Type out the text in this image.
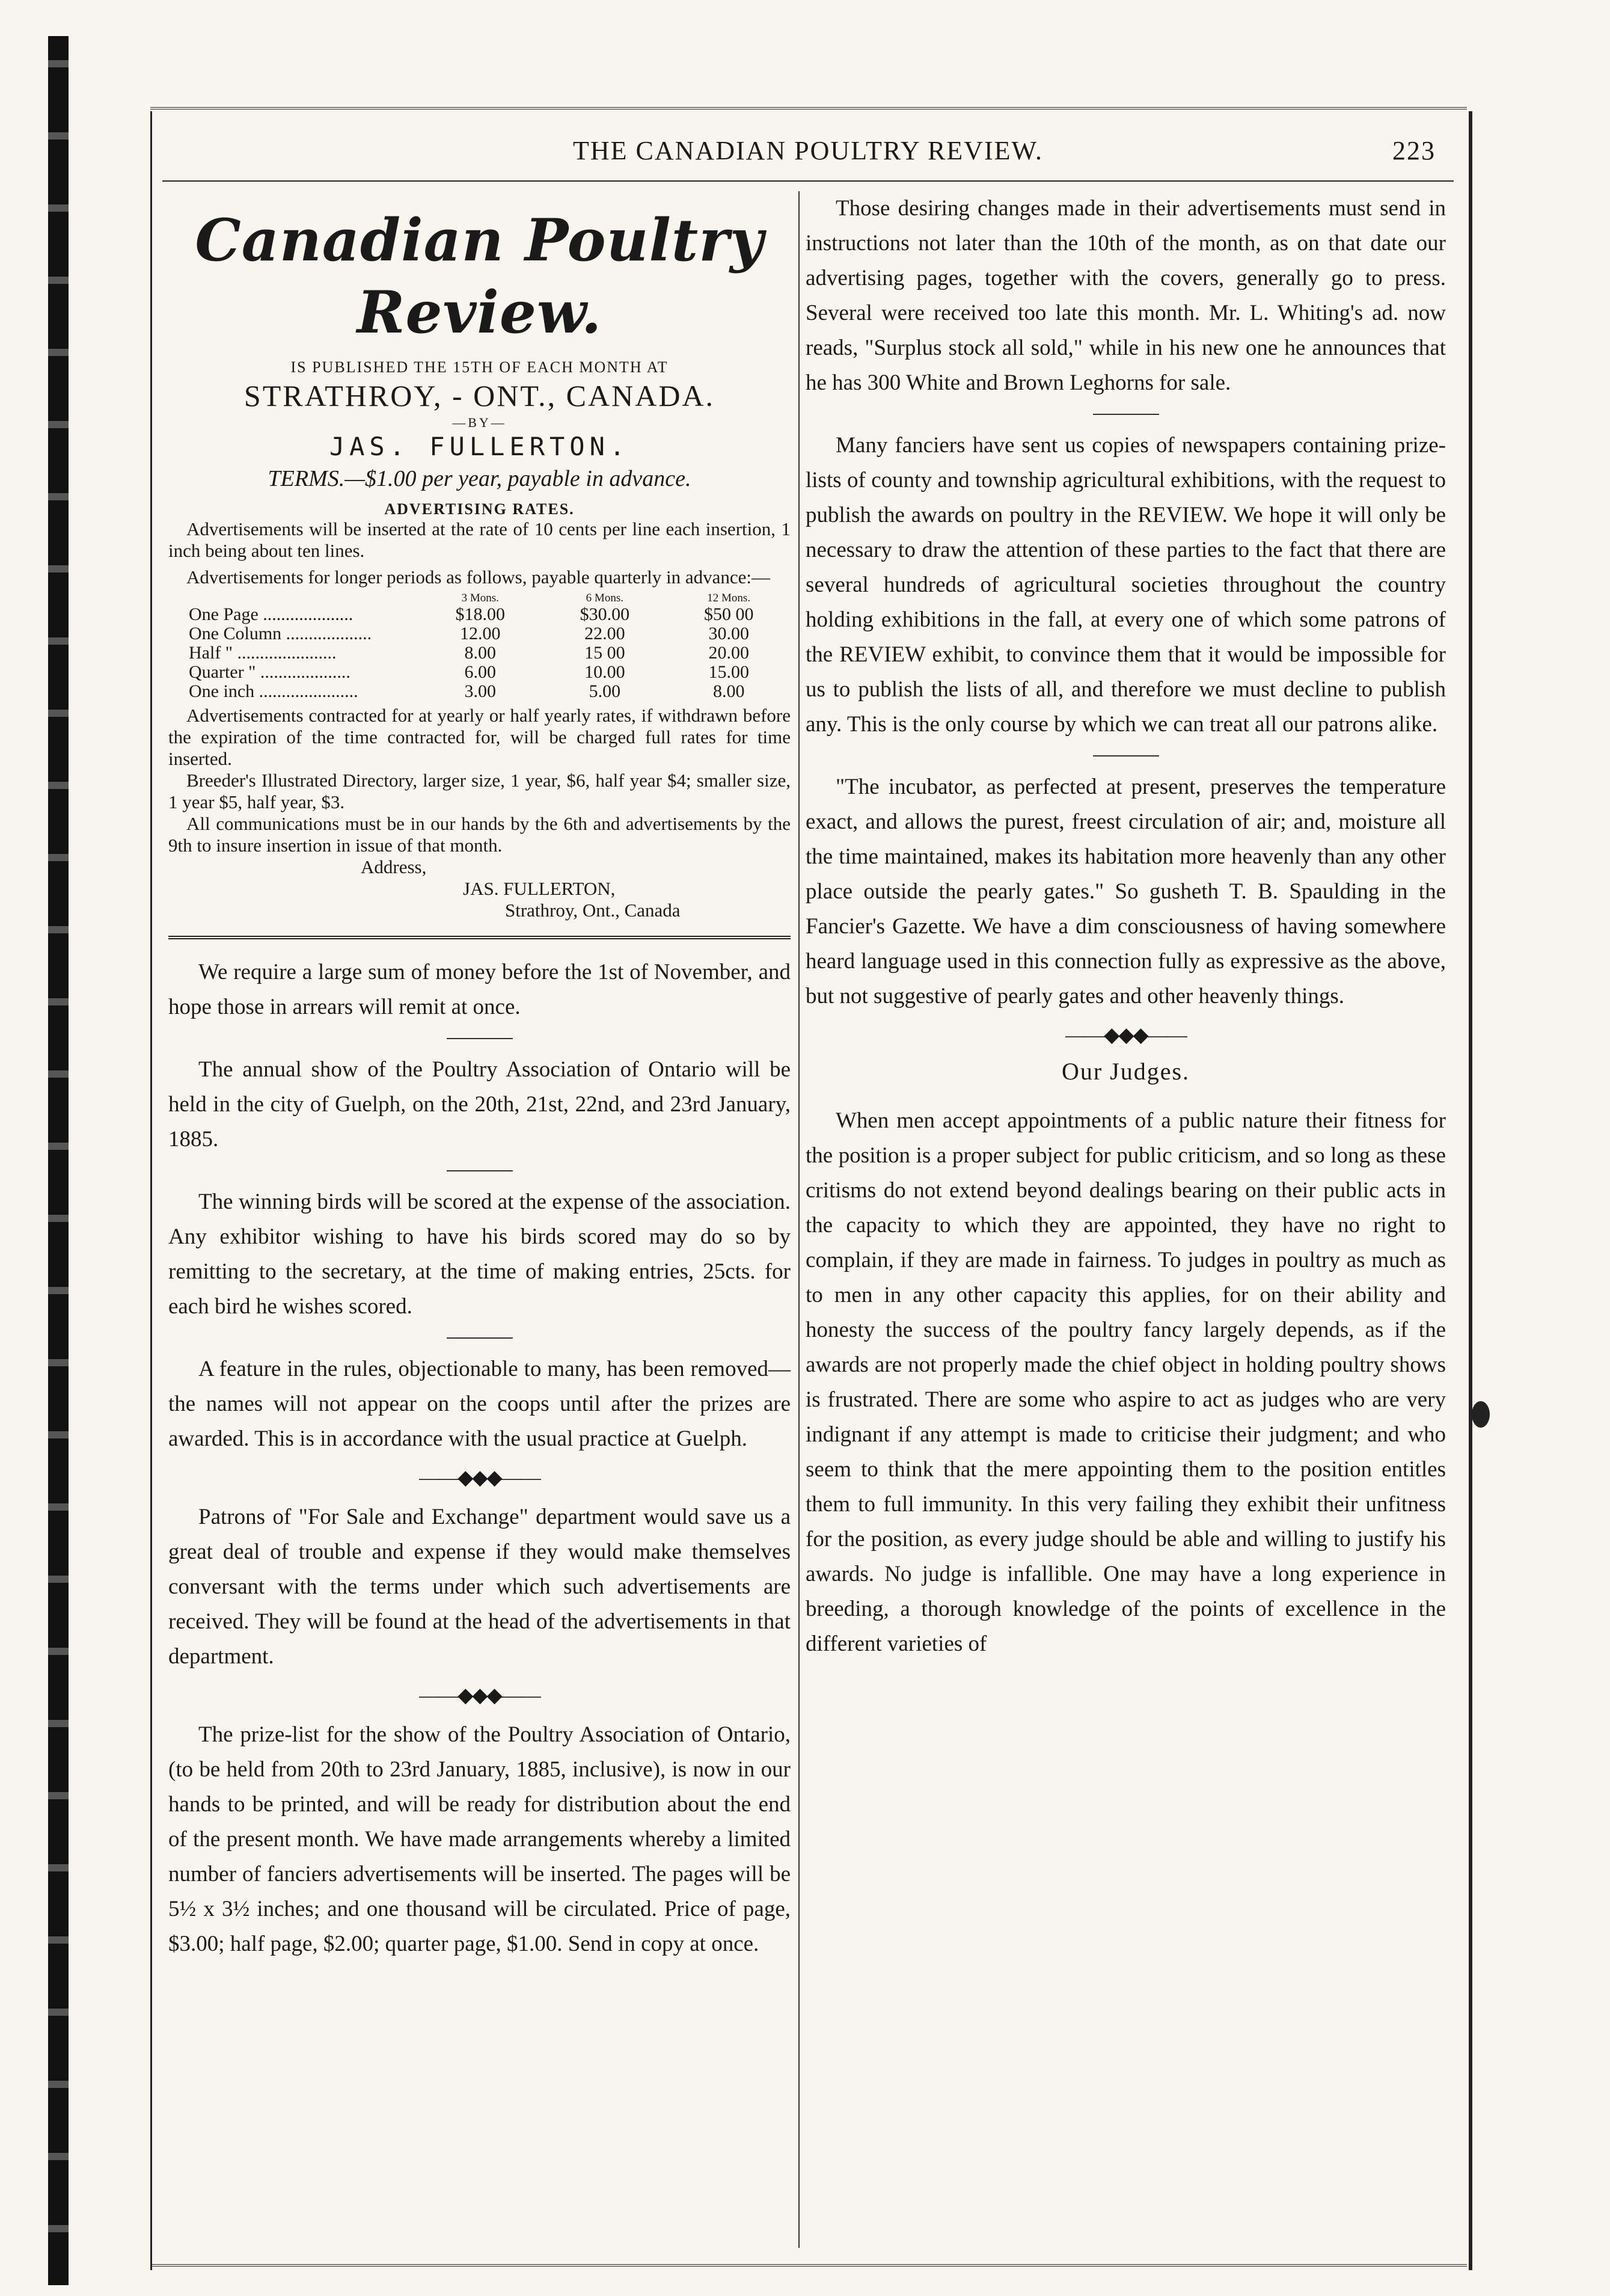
THE CANADIAN POULTRY REVIEW.	223
Canadian Poultry Review.
IS PUBLISHED THE 15TH OF EACH MONTH AT
STRATHROY, - ONT., CANADA.
—BY—
JAS. FULLERTON.
TERMS.—$1.00 per year, payable in advance.
ADVERTISING RATES.
Advertisements will be inserted at the rate of 10 cents per line each insertion, 1 inch being about ten lines.
Advertisements for longer periods as follows, payable quarterly in advance:—
	3 Mons.	6 Mons.	12 Mons.
One Page ....................	$18.00	$30.00	$50 00
One Column ...................	12.00	22.00	30.00
Half " ......................	8.00	15 00	20.00
Quarter " ....................	6.00	10.00	15.00
One inch ......................	3.00	5.00	8.00
Advertisements contracted for at yearly or half yearly rates, if withdrawn before the expiration of the time contracted for, will be charged full rates for time inserted.
Breeder's Illustrated Directory, larger size, 1 year, $6, half year $4; smaller size, 1 year $5, half year, $3.
All communications must be in our hands by the 6th and advertisements by the 9th to insure insertion in issue of that month.
Address,
JAS. FULLERTON,
Strathroy, Ont., Canada

We require a large sum of money before the 1st of November, and hope those in arrears will remit at once.

The annual show of the Poultry Association of Ontario will be held in the city of Guelph, on the 20th, 21st, 22nd, and 23rd January, 1885.

The winning birds will be scored at the expense of the association. Any exhibitor wishing to have his birds scored may do so by remitting to the secretary, at the time of making entries, 25cts. for each bird he wishes scored.

A feature in the rules, objectionable to many, has been removed—the names will not appear on the coops until after the prizes are awarded. This is in accordance with the usual practice at Guelph.

——◆◆◆——

Patrons of "For Sale and Exchange" department would save us a great deal of trouble and expense if they would make themselves conversant with the terms under which such advertisements are received. They will be found at the head of the advertisements in that department.

——◆◆◆——

The prize-list for the show of the Poultry Association of Ontario, (to be held from 20th to 23rd January, 1885, inclusive), is now in our hands to be printed, and will be ready for distribution about the end of the present month. We have made arrangements whereby a limited number of fanciers advertisements will be inserted. The pages will be 5½ x 3½ inches; and one thousand will be circulated. Price of page, $3.00; half page, $2.00; quarter page, $1.00. Send in copy at once.

Those desiring changes made in their advertisements must send in instructions not later than the 10th of the month, as on that date our advertising pages, together with the covers, generally go to press. Several were received too late this month. Mr. L. Whiting's ad. now reads, "Surplus stock all sold," while in his new one he announces that he has 300 White and Brown Leghorns for sale.

Many fanciers have sent us copies of newspapers containing prize-lists of county and township agricultural exhibitions, with the request to publish the awards on poultry in the REVIEW. We hope it will only be necessary to draw the attention of these parties to the fact that there are several hundreds of agricultural societies throughout the country holding exhibitions in the fall, at every one of which some patrons of the REVIEW exhibit, to convince them that it would be impossible for us to publish the lists of all, and therefore we must decline to publish any. This is the only course by which we can treat all our patrons alike.

"The incubator, as perfected at present, preserves the temperature exact, and allows the purest, freest circulation of air; and, moisture all the time maintained, makes its habitation more heavenly than any other place outside the pearly gates." So gusheth T. B. Spaulding in the Fancier's Gazette. We have a dim consciousness of having somewhere heard language used in this connection fully as expressive as the above, but not suggestive of pearly gates and other heavenly things.

——◆◆◆——
Our Judges.

When men accept appointments of a public nature their fitness for the position is a proper subject for public criticism, and so long as these critisms do not extend beyond dealings bearing on their public acts in the capacity to which they are appointed, they have no right to complain, if they are made in fairness. To judges in poultry as much as to men in any other capacity this applies, for on their ability and honesty the success of the poultry fancy largely depends, as if the awards are not properly made the chief object in holding poultry shows is frustrated. There are some who aspire to act as judges who are very indignant if any attempt is made to criticise their judgment; and who seem to think that the mere appointing them to the position entitles them to full immunity. In this very failing they exhibit their unfitness for the position, as every judge should be able and willing to justify his awards. No judge is infallible. One may have a long experience in breeding, a thorough knowledge of the points of excellence in the different varieties of
